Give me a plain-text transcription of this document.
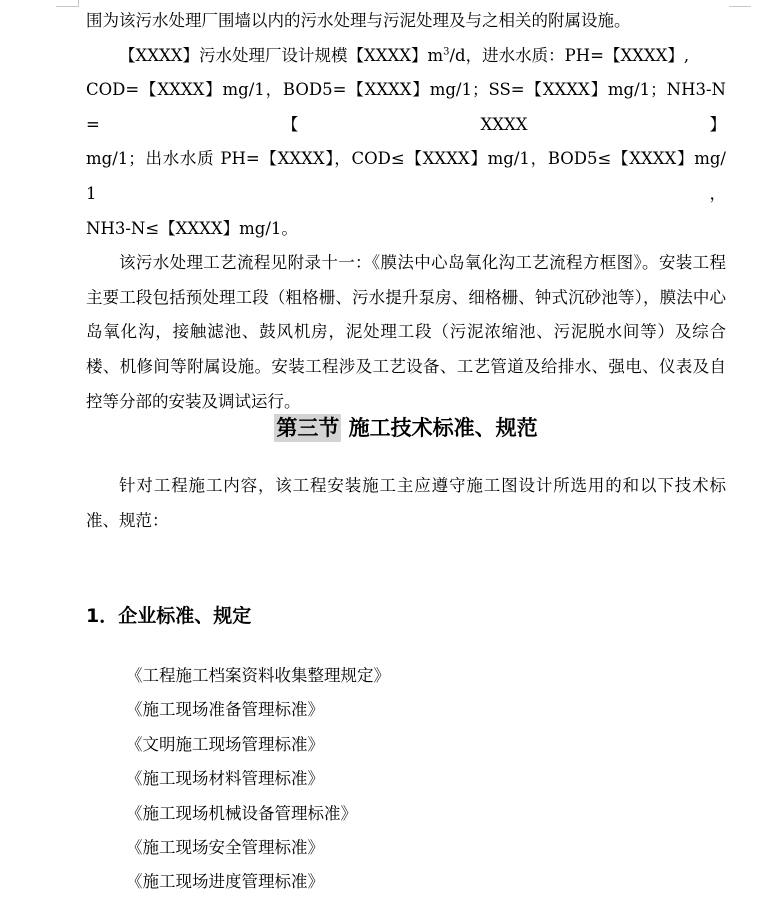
围为该污水处理厂围墙以内的污水处理与污泥处理及与之相关的附属设施。

【XXXX】污水处理厂设计规模【XXXX】$m^3/d$，进水水质：PH=【XXXX】,

COD=【XXXX】mg/1，BOD5=【XXXX】mg/1；SS=【XXXX】mg/1；NH3-N=【XXXX】

mg/1；出水水质 PH=【XXXX】，COD≤【XXXX】mg/1，BOD5≤【XXXX】mg/1，

NH3-N≤【XXXX】mg/1。

该污水处理工艺流程见附录十一：《膜法中心岛氧化沟工艺流程方框图》。安装工程主要工段包括预处理工段（粗格栅、污水提升泵房、细格栅、钟式沉砂池等），膜法中心岛氧化沟，接触滤池、鼓风机房，泥处理工段（污泥浓缩池、污泥脱水间等）及综合楼、机修间等附属设施。安装工程涉及工艺设备、工艺管道及给排水、强电、仪表及自控等分部的安装及调试运行。

第三节 施工技术标准、规范

针对工程施工内容，该工程安装施工主应遵守施工图设计所选用的和以下技术标准、规范：

1．企业标准、规定
《工程施工档案资料收集整理规定》
《施工现场准备管理标准》
《文明施工现场管理标准》
《施工现场材料管理标准》
《施工现场机械设备管理标准》
《施工现场安全管理标准》
《施工现场进度管理标准》
